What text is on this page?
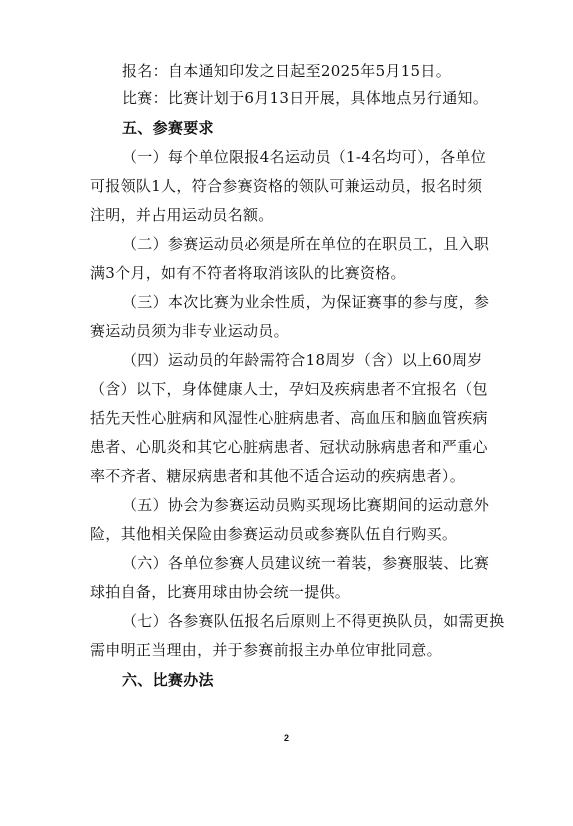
报名：自本通知印发之日起至2025年5月15日。
比赛：比赛计划于6月13日开展，具体地点另行通知。
五、参赛要求
（一）每个单位限报4名运动员（1-4名均可），各单位
可报领队1人，符合参赛资格的领队可兼运动员，报名时须
注明，并占用运动员名额。
（二）参赛运动员必须是所在单位的在职员工，且入职
满3个月，如有不符者将取消该队的比赛资格。
（三）本次比赛为业余性质，为保证赛事的参与度，参
赛运动员须为非专业运动员。
（四）运动员的年龄需符合18周岁（含）以上60周岁
（含）以下，身体健康人士，孕妇及疾病患者不宜报名（包
括先天性心脏病和风湿性心脏病患者、高血压和脑血管疾病
患者、心肌炎和其它心脏病患者、冠状动脉病患者和严重心
率不齐者、糖尿病患者和其他不适合运动的疾病患者）。
（五）协会为参赛运动员购买现场比赛期间的运动意外
险，其他相关保险由参赛运动员或参赛队伍自行购买。
（六）各单位参赛人员建议统一着装，参赛服装、比赛
球拍自备，比赛用球由协会统一提供。
（七）各参赛队伍报名后原则上不得更换队员，如需更换
需申明正当理由，并于参赛前报主办单位审批同意。
六、比赛办法
2
